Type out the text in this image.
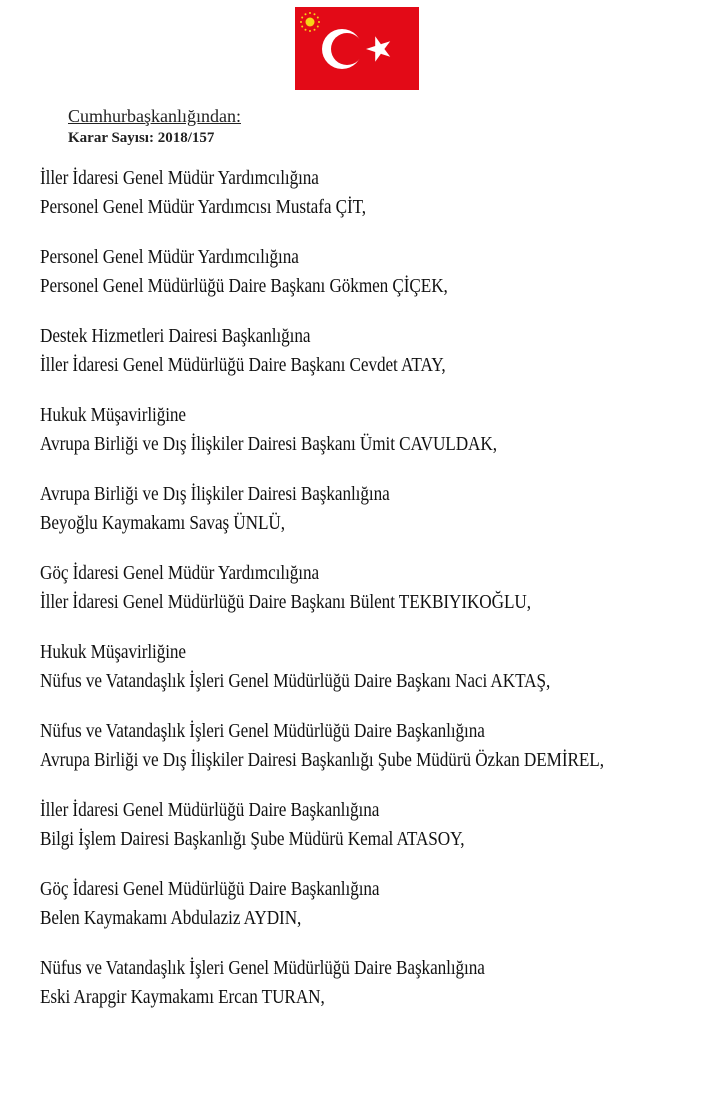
Cumhurbaşkanlığından:
Karar Sayısı: 2018/157
İller İdaresi Genel Müdür Yardımcılığına
Personel Genel Müdür Yardımcısı Mustafa ÇİT,
Personel Genel Müdür Yardımcılığına
Personel Genel Müdürlüğü Daire Başkanı Gökmen ÇİÇEK,
Destek Hizmetleri Dairesi Başkanlığına
İller İdaresi Genel Müdürlüğü Daire Başkanı Cevdet ATAY,
Hukuk Müşavirliğine
Avrupa Birliği ve Dış İlişkiler Dairesi Başkanı Ümit CAVULDAK,
Avrupa Birliği ve Dış İlişkiler Dairesi Başkanlığına
Beyoğlu Kaymakamı Savaş ÜNLÜ,
Göç İdaresi Genel Müdür Yardımcılığına
İller İdaresi Genel Müdürlüğü Daire Başkanı Bülent TEKBIYIKOĞLU,
Hukuk Müşavirliğine
Nüfus ve Vatandaşlık İşleri Genel Müdürlüğü Daire Başkanı Naci AKTAŞ,
Nüfus ve Vatandaşlık İşleri Genel Müdürlüğü Daire Başkanlığına
Avrupa Birliği ve Dış İlişkiler Dairesi Başkanlığı Şube Müdürü Özkan DEMİREL,
İller İdaresi Genel Müdürlüğü Daire Başkanlığına
Bilgi İşlem Dairesi Başkanlığı Şube Müdürü Kemal ATASOY,
Göç İdaresi Genel Müdürlüğü Daire Başkanlığına
Belen Kaymakamı Abdulaziz AYDIN,
Nüfus ve Vatandaşlık İşleri Genel Müdürlüğü Daire Başkanlığına
Eski Arapgir Kaymakamı Ercan TURAN,
